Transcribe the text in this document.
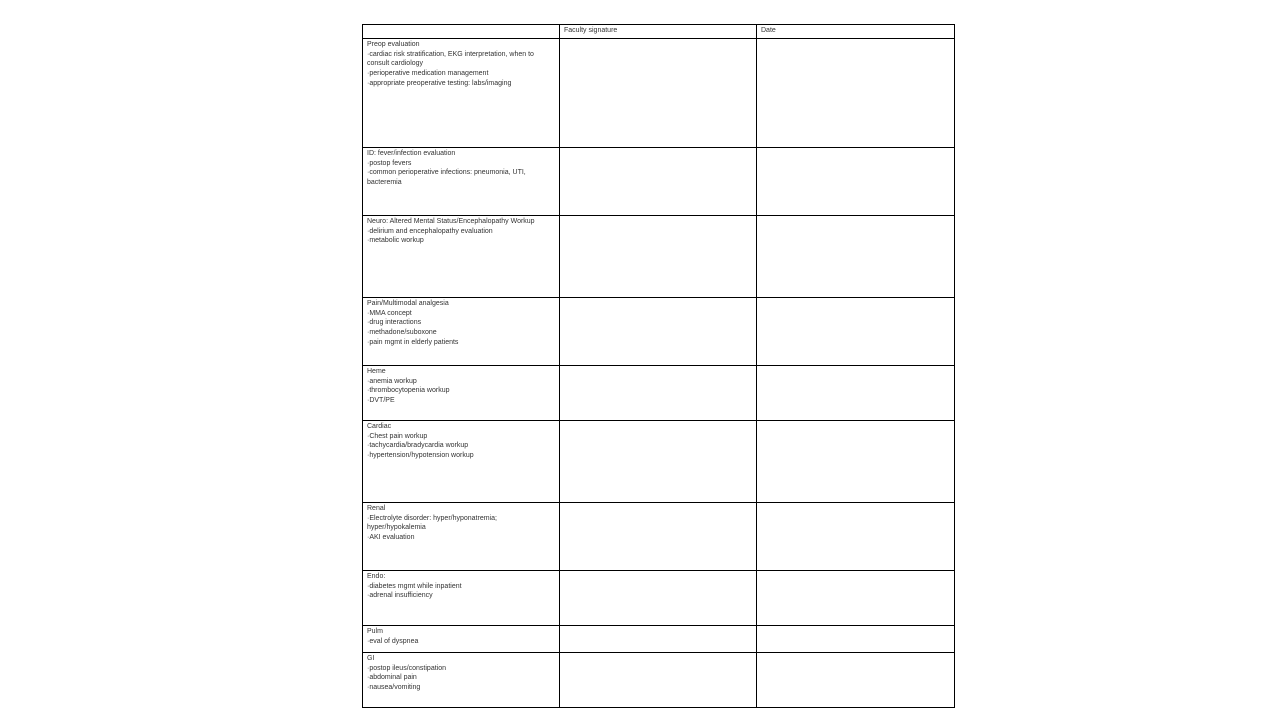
	Faculty signature	Date

Preop evaluation
·cardiac risk stratification, EKG interpretation, when to consult cardiology
·perioperative medication management
·appropriate preoperative testing: labs/imaging		

ID: fever/infection evaluation
·postop fevers
·common perioperative infections: pneumonia, UTI, bacteremia		

Neuro: Altered Mental Status/Encephalopathy Workup
·delirium and encephalopathy evaluation
·metabolic workup		

Pain/Multimodal analgesia
·MMA concept
·drug interactions
·methadone/suboxone
·pain mgmt in elderly patients		

Heme
·anemia workup
·thrombocytopenia workup
·DVT/PE		

Cardiac
·Chest pain workup
·tachycardia/bradycardia workup
·hypertension/hypotension workup		

Renal
·Electrolyte disorder: hyper/hyponatremia; hyper/hypokalemia
·AKI evaluation		

Endo:
·diabetes mgmt while inpatient
·adrenal insufficiency		

Pulm
·eval of dyspnea		

GI
·postop ileus/constipation
·abdominal pain
·nausea/vomiting		
